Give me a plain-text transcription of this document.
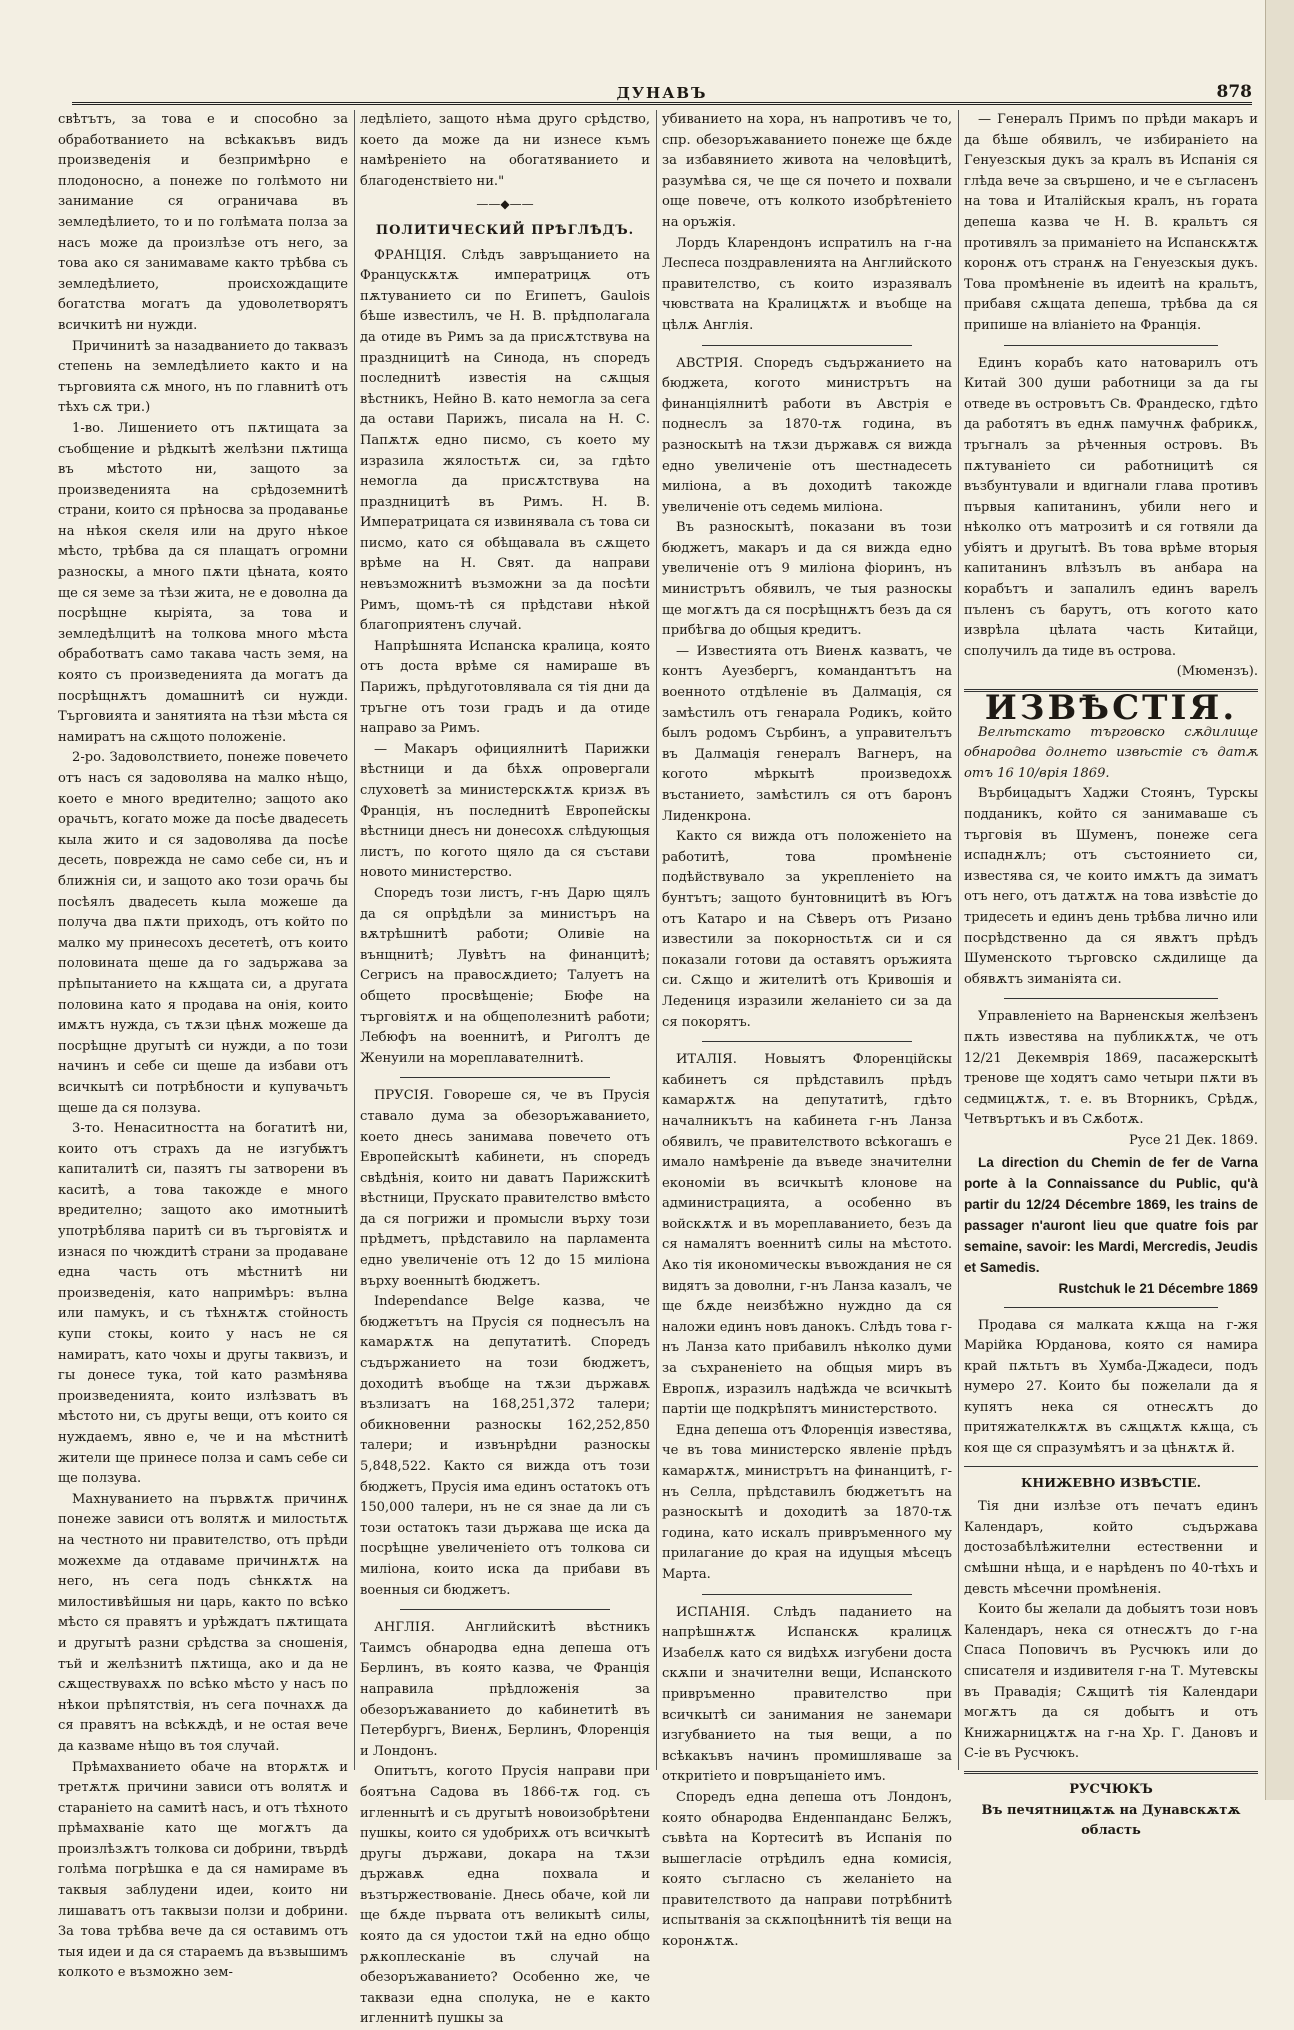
ДУНАВЪ	878

свѣтътъ, за това е и способно за обработванието на всѣкакъвъ видъ произведенія и безпримѣрно е плодоносно, а понеже по голѣмото ни занимание ся ограничава въ земледѣлието, то и по голѣмата полза за насъ може да произлѣзе отъ него, за това ако ся занимаваме както трѣбва съ земледѣлието, происхождащите богатства могатъ да удоволетворятъ всичкитѣ ни нужди.

Причинитѣ за назадванието до таквазъ степень на земледѣлието както и на търговията сѫ много, нъ по главнитѣ отъ тѣхъ сѫ три.)

1-во. Лишението отъ пѫтищата за съобщение и рѣдкытѣ желѣзни пѫтища въ мѣстото ни, защото за произведенията на срѣдоземнитѣ страни, които ся прѣносва за продаванье на нѣкоя скеля или на друго нѣкое мѣсто, трѣбва да ся плащатъ огромни разноскы, а много пѫти цѣната, която ще ся земе за тѣзи жита, не е доволна да посрѣщне кыріята, за това и земледѣлцитѣ на толкова много мѣста обработватъ само такава часть земя, на която съ произведенията да могатъ да посрѣщнѫтъ домашнитѣ си нужди. Търговията и занятията на тѣзи мѣста ся намиратъ на сѫщото положеніе.

2-ро. Задоволствието, понеже повечето отъ насъ ся задоволява на малко нѣщо, което е много вредително; защото ако орачьтъ, когато може да посѣе двадесеть кыла жито и ся задоволява да посѣе десеть, повреждa не само себе си, нъ и ближнія си, и защото ако този орачь бы посѣялъ двадесеть кыла можеше да получа два пѫти приходъ, отъ който по малко му принесохъ десететѣ, отъ които половината щеше да го задържава за прѣпытанието на кѫщата си, а другата половина като я продава на онія, които имѫтъ нужда, съ тѫзи цѣнѫ можеше да посрѣщне другытѣ си нужди, а по този начинъ и себе си щеше да избави отъ всичкытѣ си потрѣбности и купувачьтъ щеше да ся ползува.

3-то. Ненаситността на богатитѣ ни, които отъ страхъ да не изгубѭтъ капиталитѣ си, пазятъ гы затворени въ каситѣ, а това такожде е много вредително; защото ако имотныитѣ употрѣблява паритѣ си въ търговіятѫ и изнася по чюждитѣ страни за продаване една часть отъ мѣстнитѣ ни произведенія, като напримѣръ: вълна или памукъ, и съ тѣхнѫтѫ стойность купи стокы, които у насъ не ся намиратъ, като чохы и другы таквизъ, и гы донесе тука, той като размѣнява произведенията, които излѣзватъ въ мѣстото ни, съ другы вещи, отъ които ся нуждаемъ, явно е, че и на мѣстнитѣ жители ще принесе полза и самъ себе си ще ползува.

Махнуванието на първѫтѫ причинѫ понеже зависи отъ волятѫ и милостьтѫ на честното ни правителство, отъ прѣди можехме да отдаваме причинѫтѫ на него, нъ сега подъ сѣнкѫтѫ на милостивѣйшыя ни царь, както по всѣко мѣсто ся правятъ и урѣждатъ пѫтищата и другытѣ разни срѣдства за сношенія, тъй и желѣзнитѣ пѫтища, ако и да не сѫществувахѫ по всѣко мѣсто у насъ по нѣкои прѣпятствія, нъ сега почнахѫ да ся правятъ на всѣкѫдѣ, и не остая вече да казваме нѣщо въ тоя случай.

Прѣмахванието обаче на вторѫтѫ и третѫтѫ причини зависи отъ волятѫ и стараніето на самитѣ насъ, и отъ тѣхното прѣмахваніе като ще могѫтъ да произлѣзѫтъ толкова си добрини, твърдѣ голѣма погрѣшка е да ся намираме въ таквыя заблудени идеи, които ни лишаватъ отъ таквызи ползи и добрини. За това трѣбва вече да ся оставимъ отъ тыя идеи и да ся стараемъ да възвышимъ колкото е възможно зем-

ледѣліето, защото нѣма друго срѣдство, което да може да ни изнесе къмъ намѣреніето на обогатяванието и благоденствіето ни."

——◆——
ПОЛИТИЧЕСКИЙ ПРѢГЛѢДЪ.

ФРАНЦІЯ. Слѣдъ завръщанието на Францускѫтѫ императрицѫ отъ пѫтуванието си по Египетъ, Gaulois бѣше известилъ, че Н. В. прѣдполагала да отиде въ Римъ за да присѫтствува на праздницитѣ на Синода, нъ споредъ последнитѣ известія на сѫщыя вѣстникъ, Нейно В. като немогла за сега да остави Парижъ, писала на Н. С. Папѫтѫ едно писмо, съ което му изразила жялостьтѫ си, за гдѣто немогла да присѫтствува на праздницитѣ въ Римъ. Н. В. Императрицата ся извинявала съ това си писмо, като ся обѣщавала въ сѫщето врѣме на Н. Свят. да направи невъзможнитѣ възможни за да посѣти Римъ, щомъ-тѣ ся прѣдстави нѣкой благоприятенъ случай.

Напрѣшнята Испанска кралица, която отъ доста врѣме ся намираше въ Парижъ, прѣдуготовлявала ся тія дни да тръгне отъ този градъ и да отиде направо за Римъ.

— Макаръ официялнитѣ Парижки вѣстници и да бѣхѫ опровергали слуховетѣ за министерскѫтѫ кризѫ въ Франція, нъ последнитѣ Европейскы вѣстници днесъ ни донесохѫ слѣдующыя листъ, по когото щяло да ся състави новото министерство.

Споредъ този листъ, г-нъ Дарю щялъ да ся опрѣдѣли за министъръ на вѫтрѣшнитѣ работи; Оливіе на вънщнитѣ; Лувѣтъ на финанцитѣ; Сегрисъ на правосѫдието; Талуетъ на общето просвѣщеніе; Бюфе на търговіятѫ и на общеполезнитѣ работи; Лебюфъ на военнитѣ, и Риголтъ де Женуили на мореплавателнитѣ.

ПРУСІЯ. Говореше ся, че въ Прусія ставало дума за обезоръжаванието, което днесь занимава повечето отъ Европейскытѣ кабинети, нъ споредъ свѣдѣнія, които ни даватъ Парижскитѣ вѣстници, Прускато правителство вмѣсто да ся погрижи и промысли върху този прѣдметъ, прѣдставило на парламента едно увеличеніе отъ 12 до 15 миліона върху военнытѣ бюджетъ.

Independance Belge казва, че бюджетътъ на Прусія ся поднесълъ на камарѫтѫ на депутатитѣ. Споредъ съдържанието на този бюджетъ, доходитѣ въобще на тѫзи държавѫ възлизатъ на 168,251,372 талери; обикновенни разноскы 162,252,850 талери; и извънрѣдни разноскы 5,848,522. Както ся вижда отъ този бюджетъ, Прусія има единъ остатокъ отъ 150,000 талери, нъ не ся знае да ли съ този остатокъ тази държава ще иска да посрѣщне увеличеніето отъ толкова си миліона, които иска да прибави въ военныя си бюджетъ.

АНГЛІЯ. Английскитѣ вѣстникъ Таимсъ обнародва една депеша отъ Берлинъ, въ която казва, че Франція направила прѣдложенія за обезоръжаванието до кабинетитѣ въ Петербургъ, Виенѫ, Берлинъ, Флоренція и Лондонъ.

Опитътъ, когото Прусія направи при боятъна Садова въ 1866-тѫ год. съ игленнытѣ и съ другытѣ новоизобрѣтени пушкы, които ся удобрихѫ отъ всичкытѣ другы държави, докара на тѫзи държавѫ една похвала и възтържествованіе. Днесь обаче, кой ли ще бѫде първата отъ великытѣ силы, която да ся удостои тѫй на едно общо рѫкоплесканіе въ случай на обезоръжаванието? Особенно же, че таквази една сполука, не е както игленнитѣ пушкы за

убиванието на хора, нъ напротивъ че то, спр. обезоръжаванието понеже ще бѫде за избавянието живота на человѣцитѣ, разумѣва ся, че ще ся почето и похвали още повече, отъ колкото изобрѣтеніето на оръжія.

Лордъ Кларендонъ испратилъ на г-на Леспеса поздравленията на Английското правителство, съ които изразявалъ чювствата на Кралицѫтѫ и въобще на цѣлѫ Англія.

АВСТРІЯ. Споредъ съдържанието на бюджета, когото министрътъ на финанціялнитѣ работи въ Австрія е поднеслъ за 1870-тѫ година, въ разноскытѣ на тѫзи държавѫ ся вижда едно увеличеніе отъ шестнадесеть миліона, а въ доходитѣ такожде увеличеніе отъ седемь миліона.

Въ разноскытѣ, показани въ този бюджетъ, макаръ и да ся вижда едно увеличеніе отъ 9 миліона фіоринъ, нъ министрътъ обявилъ, че тыя разноскы ще могѫтъ да ся посрѣщнѫтъ безъ да ся прибѣгва до общыя кредитъ.

— Известията отъ Виенѫ казватъ, че контъ Ауезбергъ, командантътъ на военното отдѣленіе въ Далмація, ся замѣстилъ отъ генарала Родикъ, който былъ родомъ Сърбинъ, а управителътъ въ Далмація генералъ Вагнеръ, на когото мѣркытѣ произведохѫ въстанието, замѣстилъ ся отъ баронъ Лиденкрона.

Както ся вижда отъ положеніето на работитѣ, това промѣненіе подѣйствувало за укрепленіето на бунтътъ; защото бунтовницитѣ въ Югъ отъ Катаро и на Сѣверъ отъ Ризано известили за покорностьтѫ си и ся показали готови да оставятъ оръжията си. Сѫщо и жителитѣ отъ Кривошія и Ледениця изразили желаніето си за да ся покорятъ.

ИТАЛІЯ. Новыятъ Флоренційскы кабинетъ ся прѣдставилъ прѣдъ камарѫтѫ на депутатитѣ, гдѣто началникътъ на кабинета г-нъ Ланза обявилъ, че правителството всѣкогашъ е имало намѣреніе да въведе значителни економіи въ всичкытѣ клонове на администрацията, а особенно въ войскѫтѫ и въ мореплаванието, безъ да ся намалятъ военнитѣ силы на мѣстото. Ако тія икономическы въвождания не ся видятъ за доволни, г-нъ Ланза казалъ, че ще бѫде неизбѣжно нуждно да ся наложи единъ новъ данокъ. Слѣдъ това г-нъ Ланза като прибавилъ нѣколко думи за съхраненіето на общыя миръ въ Европѫ, изразилъ надѣжда че всичкытѣ партіи ще подкрѣпятъ министерството.

Една депеша отъ Флоренція известява, че въ това министерско явленіе прѣдъ камарѫтѫ, министрътъ на финанцитѣ, г-нъ Селла, прѣдставилъ бюджетътъ на разноскытѣ и доходитѣ за 1870-тѫ година, като искалъ привръменного му прилагание до края на идущыя мѣсецъ Марта.

ИСПАНІЯ. Слѣдъ паданието на напрѣшнѫтѫ Испанскѫ кралицѫ Изабелѫ като ся видѣхѫ изгубени доста скѫпи и значителни вещи, Испанското привръменно правителство при всичкытѣ си занимания не занемари изгубванието на тыя вещи, а по всѣкакъвъ начинъ промишляваше за откритіето и повръщаніето имъ.

Споредъ една депеша отъ Лондонъ, която обнародва Енденпанданс Белжъ, съвѣта на Кортеситѣ въ Испанія по вышеглаcіе отрѣдилъ една комисія, която съгласно съ желаніето на правителството да направи потрѣбнитѣ испытванія за скѫпоцѣннитѣ тія вещи на коронѫтѫ.

— Генералъ Примъ по прѣди макаръ и да бѣше обявилъ, че избираніето на Генуезскыя дукъ за кралъ въ Испанія ся глѣда вече за свършено, и че е съгласенъ на това и Италійскыя кралъ, нъ гората депеша казва че Н. В. кральтъ ся противялъ за приманіето на Испанскѫтѫ коронѫ отъ странѫ на Генуезскыя дукъ. Това промѣненіе въ идеитѣ на кральтъ, прибавя сѫщата депеша, трѣбва да ся припише на вліаніето на Франція.

Единъ корабъ като натоварилъ отъ Китай 300 души работници за да гы отведе въ островътъ Св. Франдеско, гдѣто да работятъ въ еднѫ памучнѫ фабрикѫ, тръгналъ за рѣченныя островъ. Въ пѫтуваніето си работницитѣ ся възбунтували и вдигнали глава противъ първыя капитанинъ, убили него и нѣколко отъ матрозитѣ и ся готвяли да убіятъ и другытѣ. Въ това врѣме вторыя капитанинъ влѣзълъ въ анбара на корабътъ и запалилъ единъ варелъ пъленъ съ барутъ, отъ когото като изврѣла цѣлата часть Китайци, сполучилъ да тиде въ острова.

(Мюмензъ).

ИЗВѢСТІЯ.

Велѣтскато търговско сѫдилище обнародва долнето извѣстіе съ датѫ отъ 16 10/врія 1869.

Върбицадытъ Хаджи Стоянъ, Турскы подданикъ, който ся занимаваше съ търговія въ Шуменъ, понеже сега испаднѫлъ; отъ състоянието си, известява ся, че които имѫтъ да зиматъ отъ него, отъ датѫтѫ на това извѣстіе до тридесеть и единъ день трѣбва лично или посрѣдственно да ся явѫтъ прѣдъ Шуменското търговско сѫдилище да обявѫтъ зиманіята си.

Управленіето на Варненскыя желѣзенъ пѫть известява на публикѫтѫ, че отъ 12/21 Декемврія 1869, пасажерскытѣ тренове ще ходятъ само четыри пѫти въ седмицѫтѫ, т. е. въ Вторникъ, Срѣдѫ, Четвъртъкъ и въ Сѫботѫ.

Русе 21 Дек. 1869.

La direction du Chemin de fer de Varna porte à la Connaissance du Public, qu'à partir du 12/24 Décembre 1869, les trains de passager n'auront lieu que quatre fois par semaine, savoir: les Mardi, Mercredis, Jeudis et Samedis.

Rustchuk le 21 Décembre 1869

Продава ся малката кѫща на г-жя Марійка Юрданова, която ся намира край пѫтьтъ въ Хумба-Джадеси, подъ нумеро 27. Които бы пожелали да я купятъ нека ся отнесѫтъ до притяжателкѫтѫ въ сѫщѫтѫ кѫща, съ коя ще ся спразумѣятъ и за цѣнѫтѫ й.

КНИЖЕВНО ИЗВѢСТІЕ.

Тія дни излѣзе отъ печатъ единъ Календаръ, който съдържава достозабѣлѣжителни естественни и смѣшни нѣща, и е нарѣденъ по 40-тѣхъ и девсть мѣсечни промѣненія.

Които бы желали да добыятъ този новъ Календаръ, нека ся отнесѫтъ до г-на Спаса Поповичъ въ Русчюкъ или до списателя и издивителя г-на Т. Мутевскы въ Правадія; Сѫщитѣ тія Календари могѫтъ да ся добытъ и отъ Книжарницѫтѫ на г-на Хр. Г. Дановъ и С-іе въ Русчюкъ.

РУСЧЮКЪ
Въ печятницѫтѫ на Дунавскѫтѫ область
